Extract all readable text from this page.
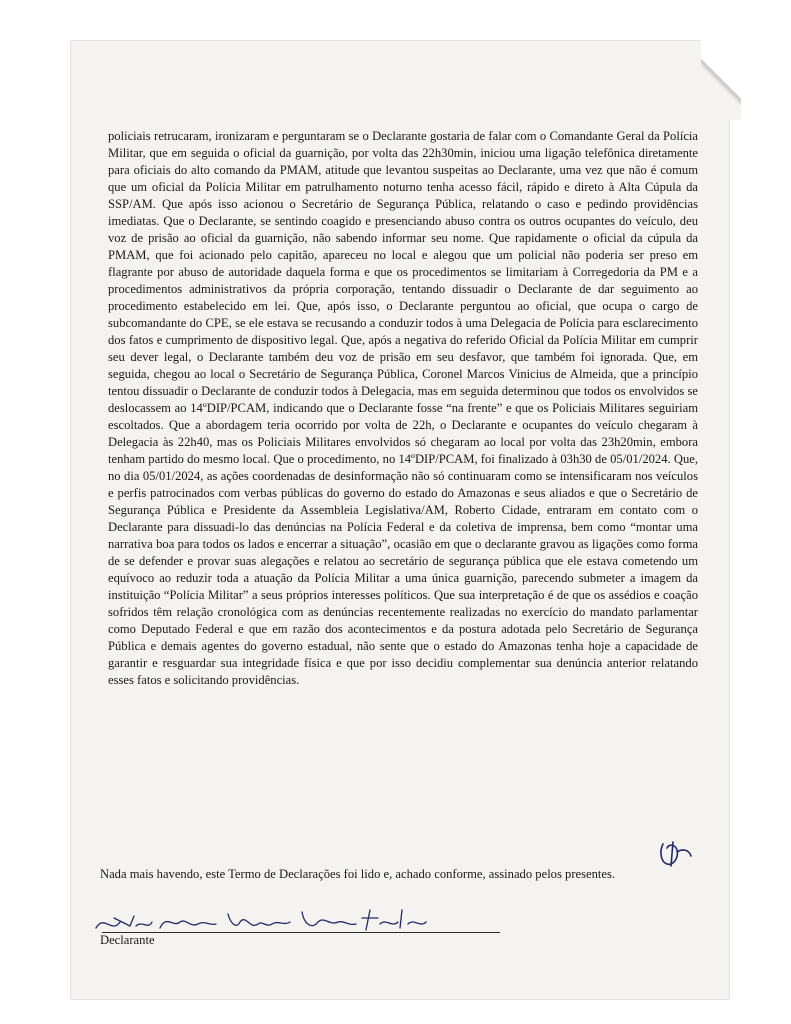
policiais retrucaram, ironizaram e perguntaram se o Declarante gostaria de falar com o Comandante Geral da Polícia Militar, que em seguida o oficial da guarnição, por volta das 22h30min, iniciou uma ligação telefônica diretamente para oficiais do alto comando da PMAM, atitude que levantou suspeitas ao Declarante, uma vez que não é comum que um oficial da Polícia Militar em patrulhamento noturno tenha acesso fácil, rápido e direto à Alta Cúpula da SSP/AM. Que após isso acionou o Secretário de Segurança Pública, relatando o caso e pedindo providências imediatas. Que o Declarante, se sentindo coagido e presenciando abuso contra os outros ocupantes do veículo, deu voz de prisão ao oficial da guarnição, não sabendo informar seu nome. Que rapidamente o oficial da cúpula da PMAM, que foi acionado pelo capitão, apareceu no local e alegou que um policial não poderia ser preso em flagrante por abuso de autoridade daquela forma e que os procedimentos se limitariam à Corregedoria da PM e a procedimentos administrativos da própria corporação, tentando dissuadir o Declarante de dar seguimento ao procedimento estabelecido em lei. Que, após isso, o Declarante perguntou ao oficial, que ocupa o cargo de subcomandante do CPE, se ele estava se recusando a conduzir todos à uma Delegacia de Polícia para esclarecimento dos fatos e cumprimento de dispositivo legal. Que, após a negativa do referido Oficial da Polícia Militar em cumprir seu dever legal, o Declarante também deu voz de prisão em seu desfavor, que também foi ignorada. Que, em seguida, chegou ao local o Secretário de Segurança Pública, Coronel Marcos Vinicius de Almeida, que a princípio tentou dissuadir o Declarante de conduzir todos à Delegacia, mas em seguida determinou que todos os envolvidos se deslocassem ao 14ºDIP/PCAM, indicando que o Declarante fosse “na frente” e que os Policiais Militares seguiriam escoltados. Que a abordagem teria ocorrido por volta de 22h, o Declarante e ocupantes do veículo chegaram à Delegacia às 22h40, mas os Policiais Militares envolvidos só chegaram ao local por volta das 23h20min, embora tenham partido do mesmo local. Que o procedimento, no 14ºDIP/PCAM, foi finalizado à 03h30 de 05/01/2024. Que, no dia 05/01/2024, as ações coordenadas de desinformação não só continuaram como se intensificaram nos veículos e perfis patrocinados com verbas públicas do governo do estado do Amazonas e seus aliados e que o Secretário de Segurança Pública e Presidente da Assembleia Legislativa/AM, Roberto Cidade, entraram em contato com o Declarante para dissuadi-lo das denúncias na Polícia Federal e da coletiva de imprensa, bem como “montar uma narrativa boa para todos os lados e encerrar a situação”, ocasião em que o declarante gravou as ligações como forma de se defender e provar suas alegações e relatou ao secretário de segurança pública que ele estava cometendo um equívoco ao reduzir toda a atuação da Polícia Militar a uma única guarnição, parecendo submeter a imagem da instituição “Polícia Militar” a seus próprios interesses políticos. Que sua interpretação é de que os assédios e coação sofridos têm relação cronológica com as denúncias recentemente realizadas no exercício do mandato parlamentar como Deputado Federal e que em razão dos acontecimentos e da postura adotada pelo Secretário de Segurança Pública e demais agentes do governo estadual, não sente que o estado do Amazonas tenha hoje a capacidade de garantir e resguardar sua integridade física e que por isso decidiu complementar sua denúncia anterior relatando esses fatos e solicitando providências.

Nada mais havendo, este Termo de Declarações foi lido e, achado conforme, assinado pelos presentes.

Declarante
